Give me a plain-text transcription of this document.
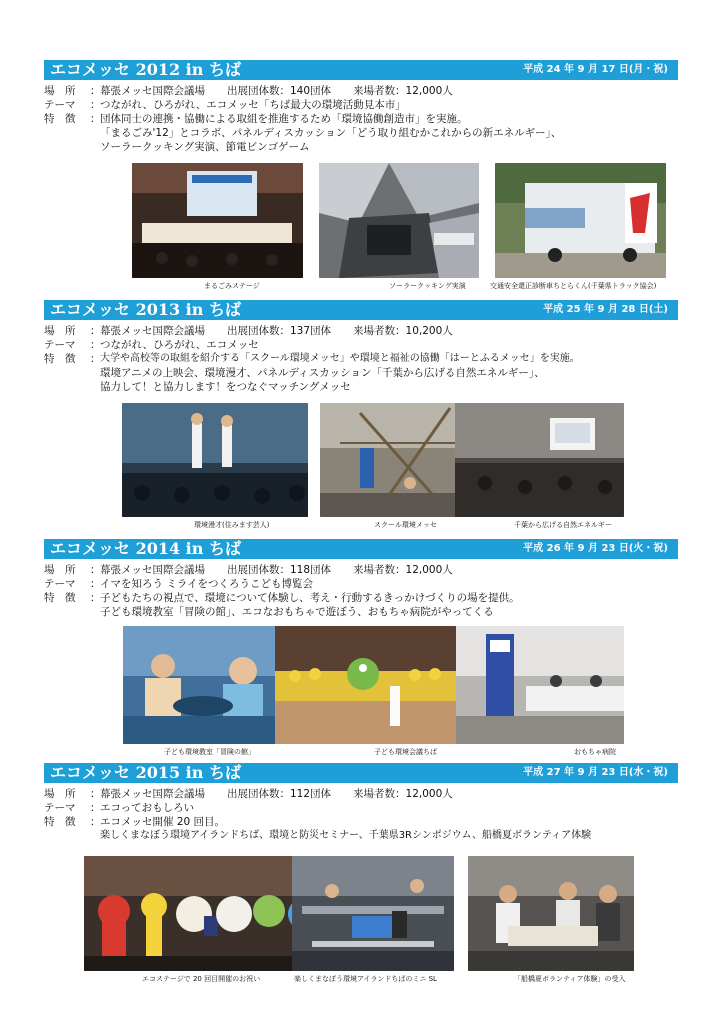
エコメッセ 2012 in ちば	平成 24 年 9 月 17 日(月・祝)
場　所	： 幕張メッセ国際会議場 出展団体数：140団体 来場者数：12,000人
テーマ	： つながれ、ひろがれ、エコメッセ「ちば最大の環境活動見本市」
特　徴	： 団体同士の連携・協働による取組を推進するため「環境協働創造市」を実施。
「まるごみ'12」とコラボ、パネルディスカッション「どう取り組むかこれからの新エネルギー」、
ソーラークッキング実演、節電ビンゴゲーム
まるごみステージ	ソーラークッキング実演	交通安全還正診断車ちとらくん(千葉県トラック協会)
エコメッセ 2013 in ちば	平成 25 年 9 月 28 日(土)
場　所	： 幕張メッセ国際会議場 出展団体数：137団体 来場者数：10,200人
テーマ	： つながれ、ひろがれ、エコメッセ
特　徴	： 大学や高校等の取組を紹介する「スクール環境メッセ」や環境と福祉の協働「はーとふるメッセ」を実施。
環境アニメの上映会、環境漫才、パネルディスカッション「千葉から広げる自然エネルギー」、
協力して！と協力します！をつなぐマッチングメッセ
環境漫才(住みます芸人)	スクール環境メッセ	千葉から広げる自然エネルギー
エコメッセ 2014 in ちば	平成 26 年 9 月 23 日(火・祝)
場　所	： 幕張メッセ国際会議場 出展団体数：118団体 来場者数：12,000人
テーマ	： イマを知ろう ミライをつくろうこども博覧会
特　徴	： 子どもたちの視点で、環境について体験し、考え・行動するきっかけづくりの場を提供。
子ども環境教室「冒険の館」、エコなおもちゃで遊ぼう、おもちゃ病院がやってくる
子ども環境教室「冒険の館」	子ども環境会議ちば	おもちゃ病院
エコメッセ 2015 in ちば	平成 27 年 9 月 23 日(水・祝)
場　所	： 幕張メッセ国際会議場 出展団体数：112団体 来場者数：12,000人
テーマ	： エコっておもしろい
特　徴	： エコメッセ開催 20 回目。
楽しくまなぼう環境アイランドちば、環境と防災セミナー、千葉県3Rシンポジウム、船橋夏ボランティア体験
エコステージで 20 回目開催のお祝い	楽しくまなぼう環境アイランドちばのミニ SL	「船橋夏ボランティア体験」の受入
